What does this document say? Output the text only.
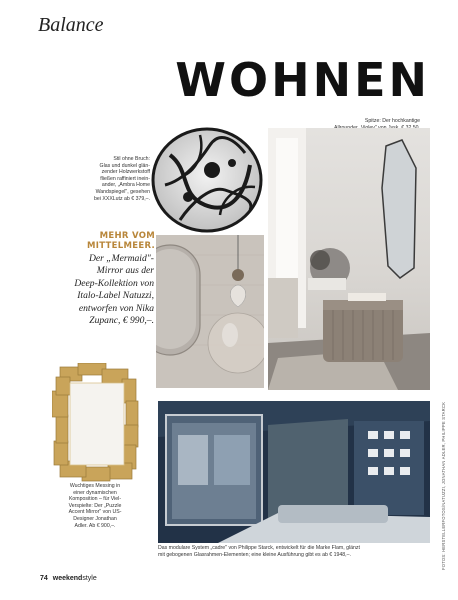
Balance
WOHNEN
Spitze: Der hochkantige
Stil ohne Bruch:
Glas und dunkel glän-
zender Holzwerkstoff
fließen raffiniert inein-
ander, „Ambra Home
Wandspiegel", gesehen
bei XXXLutz ab € 379,–.
MEHR VOM
MITTELMEER.
Der „Mermaid"-
Mirror aus der
Deep-Kollektion von
Italo-Label Natuzzi,
entworfen von Nika
Zupanc, € 990,–.
Wuchtiges Messing in
einer dynamischen
Komposition – für Viel-
Verspielte: Der „Puzzle
Accent Mirror" von US-
Designer Jonathan
Adler. Ab € 900,–.
Das modulare System „cadre" von Philippe Starck, entwickelt für die Marke Flam, glänzt
mit gebogenen Glasrahmen-Elementen; eine kleine Ausführung gibt es ab € 1948,–.	FOTOS: HERSTELLERFOTOS/NATUZZI, JONATHAN ADLER, PHILIPPE STARCK
74 weekendstyle
